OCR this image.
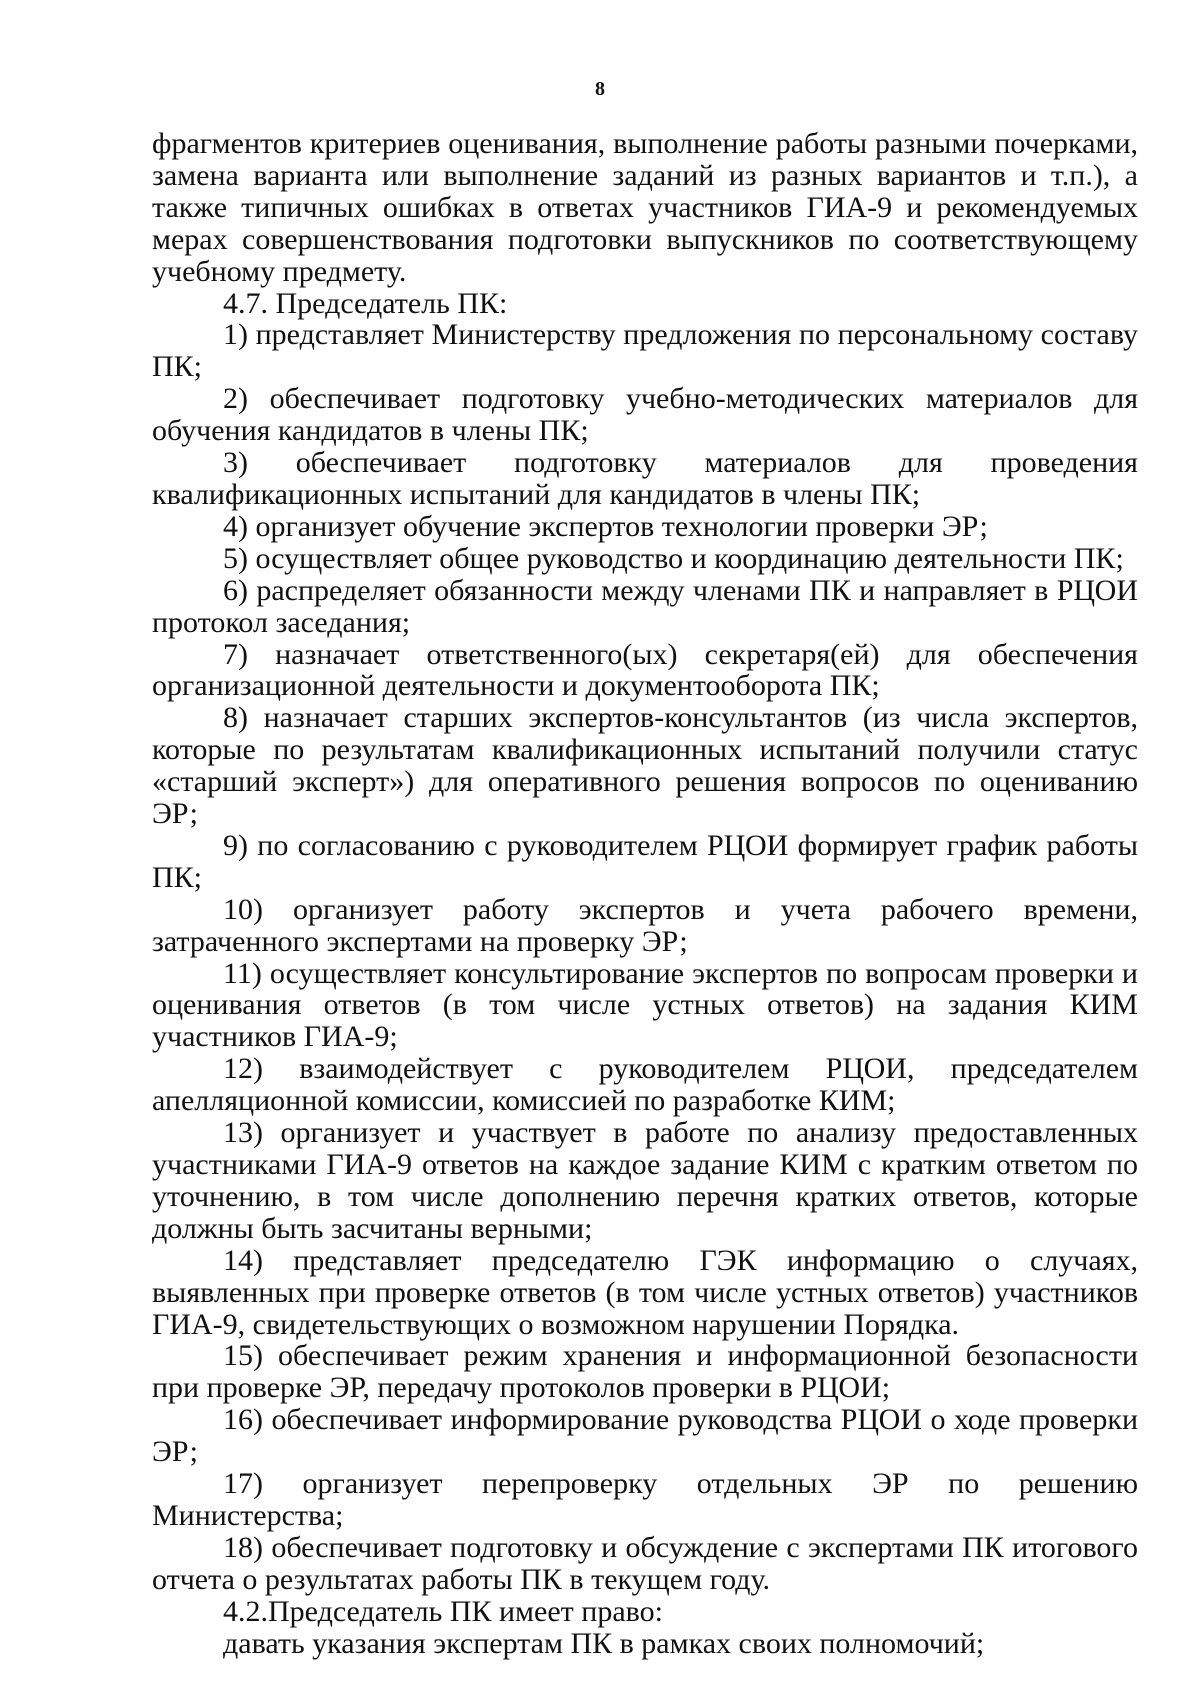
8

фрагментов критериев оценивания, выполнение работы разными почерками, замена варианта или выполнение заданий из разных вариантов и т.п.), а также типичных ошибках в ответах участников ГИА-9 и рекомендуемых мерах совершенствования подготовки выпускников по соответствующему учебному предмету.

4.7. Председатель ПК:

1) представляет Министерству предложения по персональному составу ПК;

2) обеспечивает подготовку учебно-методических материалов для обучения кандидатов в члены ПК;

3) обеспечивает подготовку материалов для проведения квалификационных испытаний для кандидатов в члены ПК;

4) организует обучение экспертов технологии проверки ЭР;

5) осуществляет общее руководство и координацию деятельности ПК;

6) распределяет обязанности между членами ПК и направляет в РЦОИ протокол заседания;

7) назначает ответственного(ых) секретаря(ей) для обеспечения организационной деятельности и документооборота ПК;

8) назначает старших экспертов-консультантов (из числа экспертов, которые по результатам квалификационных испытаний получили статус «старший эксперт») для оперативного решения вопросов по оцениванию ЭР;

9) по согласованию с руководителем РЦОИ формирует график работы ПК;

10) организует работу экспертов и учета рабочего времени, затраченного экспертами на проверку ЭР;

11) осуществляет консультирование экспертов по вопросам проверки и оценивания ответов (в том числе устных ответов) на задания КИМ участников ГИА-9;

12) взаимодействует с руководителем РЦОИ, председателем апелляционной комиссии, комиссией по разработке КИМ;

13) организует и участвует в работе по анализу предоставленных участниками ГИА-9 ответов на каждое задание КИМ с кратким ответом по уточнению, в том числе дополнению перечня кратких ответов, которые должны быть засчитаны верными;

14) представляет председателю ГЭК информацию о случаях, выявленных при проверке ответов (в том числе устных ответов) участников ГИА-9, свидетельствующих о возможном нарушении Порядка.

15) обеспечивает режим хранения и информационной безопасности при проверке ЭР, передачу протоколов проверки в РЦОИ;

16) обеспечивает информирование руководства РЦОИ о ходе проверки ЭР;

17) организует перепроверку отдельных ЭР по решению Министерства;

18) обеспечивает подготовку и обсуждение с экспертами ПК итогового отчета о результатах работы ПК в текущем году.

4.2.Председатель ПК имеет право:

давать указания экспертам ПК в рамках своих полномочий;
